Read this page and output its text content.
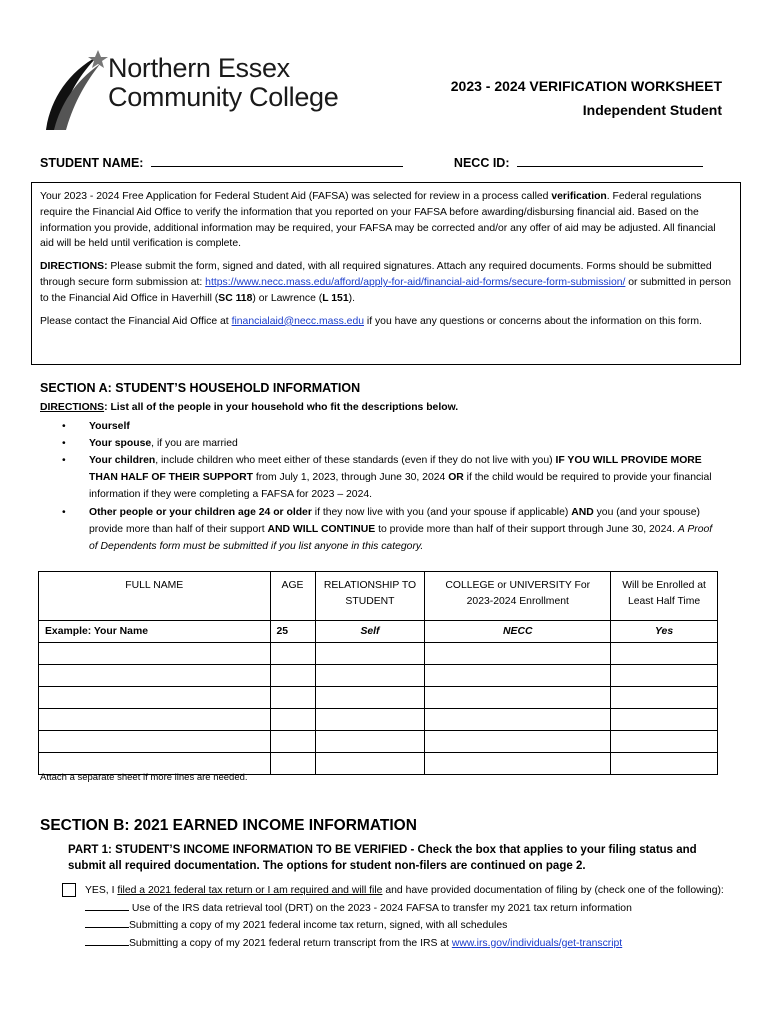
Northern Essex
Community College	2023 - 2024 VERIFICATION WORKSHEET
Independent Student
STUDENT NAME:	NECC ID:

Your 2023 - 2024 Free Application for Federal Student Aid (FAFSA) was selected for review in a process called verification. Federal regulations require the Financial Aid Office to verify the information that you reported on your FAFSA before awarding/disbursing financial aid. Based on the information you provide, additional information may be required, your FAFSA may be corrected and/or any offer of aid may be adjusted. All financial aid will be held until verification is complete.

DIRECTIONS: Please submit the form, signed and dated, with all required signatures. Attach any required documents. Forms should be submitted through secure form submission at: https://www.necc.mass.edu/afford/apply-for-aid/financial-aid-forms/secure-form-submission/ or submitted in person to the Financial Aid Office in Haverhill (SC 118) or Lawrence (L 151).

Please contact the Financial Aid Office at financialaid@necc.mass.edu if you have any questions or concerns about the information on this form.

SECTION A: STUDENT’S HOUSEHOLD INFORMATION
DIRECTIONS: List all of the people in your household who fit the descriptions below.
• Yourself
• Your spouse, if you are married
• Your children, include children who meet either of these standards (even if they do not live with you) IF YOU WILL PROVIDE MORE THAN HALF OF THEIR SUPPORT from July 1, 2023, through June 30, 2024 OR if the child would be required to provide your financial information if they were completing a FAFSA for 2023 – 2024.
• Other people or your children age 24 or older if they now live with you (and your spouse if applicable) AND you (and your spouse) provide more than half of their support AND WILL CONTINUE to provide more than half of their support through June 30, 2024. A Proof of Dependents form must be submitted if you list anyone in this category.
FULL NAME	AGE	RELATIONSHIP TO STUDENT	COLLEGE or UNIVERSITY For 2023-2024 Enrollment	Will be Enrolled at Least Half Time
Example: Your Name	25	Self	NECC	Yes

Attach a separate sheet if more lines are needed.
SECTION B: 2021 EARNED INCOME INFORMATION
PART 1: STUDENT’S INCOME INFORMATION TO BE VERIFIED - Check the box that applies to your filing status and submit all required documentation. The options for student non-filers are continued on page 2.
YES, I filed a 2021 federal tax return or I am required and will file and have provided documentation of filing by (check one of the following):
Use of the IRS data retrieval tool (DRT) on the 2023 - 2024 FAFSA to transfer my 2021 tax return information
Submitting a copy of my 2021 federal income tax return, signed, with all schedules
Submitting a copy of my 2021 federal return transcript from the IRS at www.irs.gov/individuals/get-transcript
